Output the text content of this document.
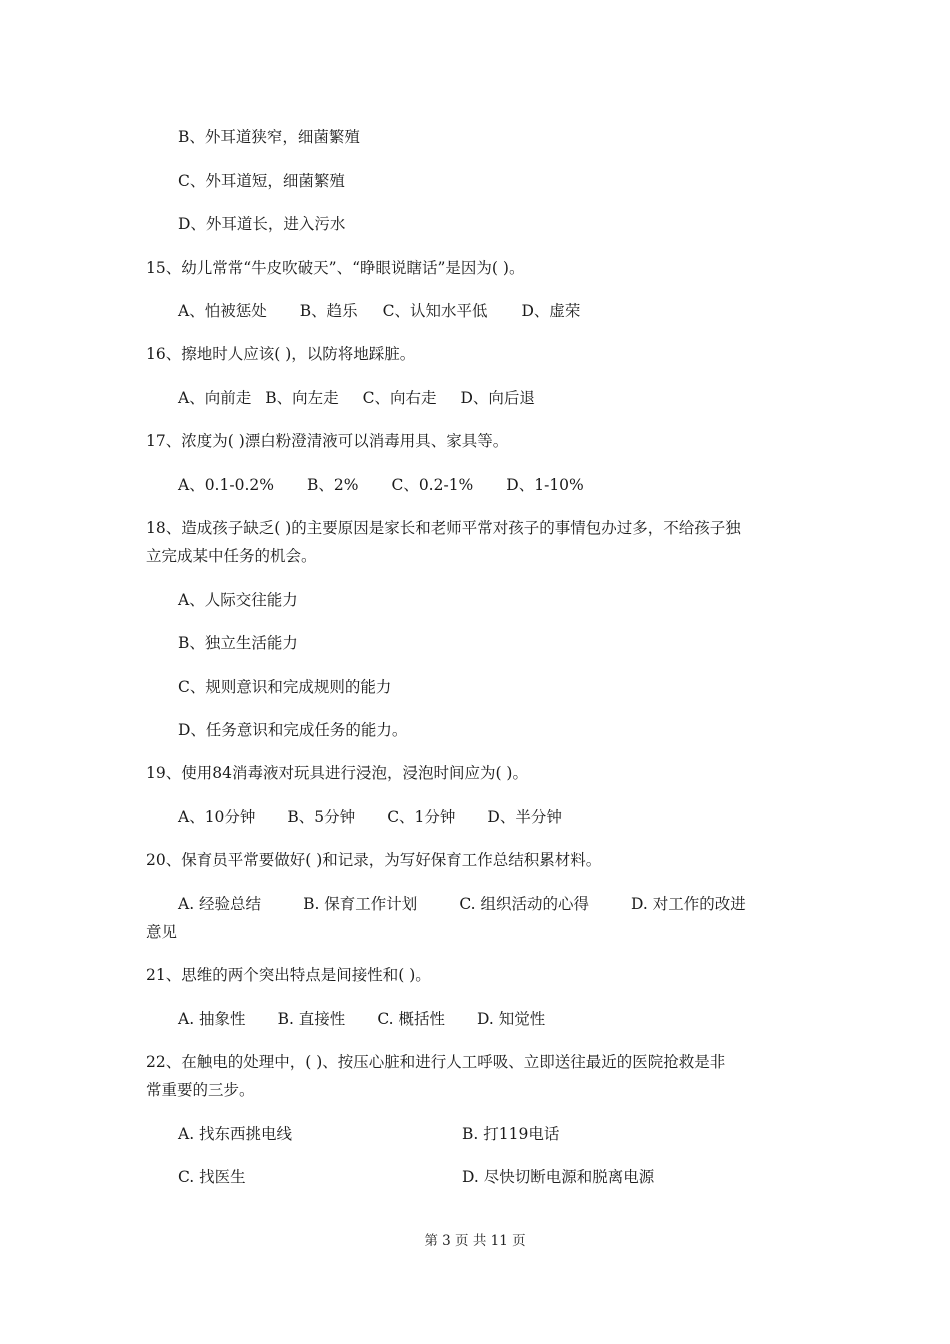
B、外耳道狭窄，细菌繁殖
C、外耳道短，细菌繁殖
D、外耳道长，进入污水
15、幼儿常常“牛皮吹破天”、“睁眼说瞎话”是因为( )。
A、怕被惩处 B、趋乐 C、认知水平低 D、虚荣
16、擦地时人应该( )，以防将地踩脏。
A、向前走 B、向左走 C、向右走 D、向后退
17、浓度为( )漂白粉澄清液可以消毒用具、家具等。
A、0.1-0.2% B、2% C、0.2-1% D、1-10%
18、造成孩子缺乏( )的主要原因是家长和老师平常对孩子的事情包办过多，不给孩子独
立完成某中任务的机会。
A、人际交往能力
B、独立生活能力
C、规则意识和完成规则的能力
D、任务意识和完成任务的能力。
19、使用84消毒液对玩具进行浸泡，浸泡时间应为( )。
A、10分钟 B、5分钟 C、1分钟 D、半分钟
20、保育员平常要做好( )和记录，为写好保育工作总结积累材料。
A. 经验总结	B. 保育工作计划	C. 组织活动的心得	D. 对工作的改进
意见
21、思维的两个突出特点是间接性和( )。
A. 抽象性 B. 直接性 C. 概括性 D. 知觉性
22、在触电的处理中，( )、按压心脏和进行人工呼吸、立即送往最近的医院抢救是非
常重要的三步。
A. 找东西挑电线	B. 打119电话
C. 找医生	D. 尽快切断电源和脱离电源
第 3 页 共 11 页
